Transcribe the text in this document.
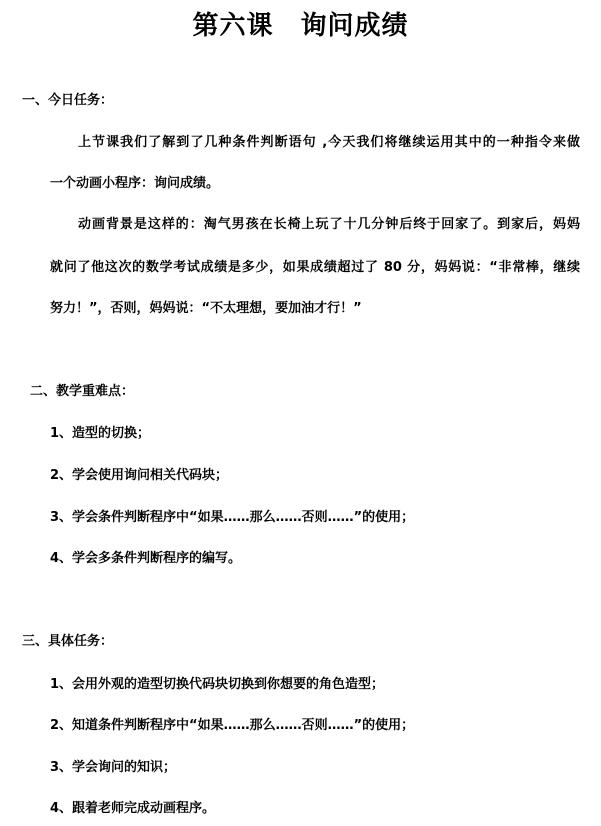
第六课　询问成绩
一、今日任务：
上节课我们了解到了几种条件判断语句 ,今天我们将继续运用其中的一种指令来做
一个动画小程序：询问成绩。
动画背景是这样的：淘气男孩在长椅上玩了十几分钟后终于回家了。到家后，妈妈
就问了他这次的数学考试成绩是多少，如果成绩超过了 80 分，妈妈说：“非常棒，继续
努力！”，否则，妈妈说：“不太理想，要加油才行！”
二、教学重难点：
1、造型的切换；
2、学会使用询问相关代码块；
3、学会条件判断程序中“如果……那么……否则……”的使用；
4、学会多条件判断程序的编写。
三、具体任务：
1、会用外观的造型切换代码块切换到你想要的角色造型；
2、知道条件判断程序中“如果……那么……否则……”的使用；
3、学会询问的知识；
4、跟着老师完成动画程序。
